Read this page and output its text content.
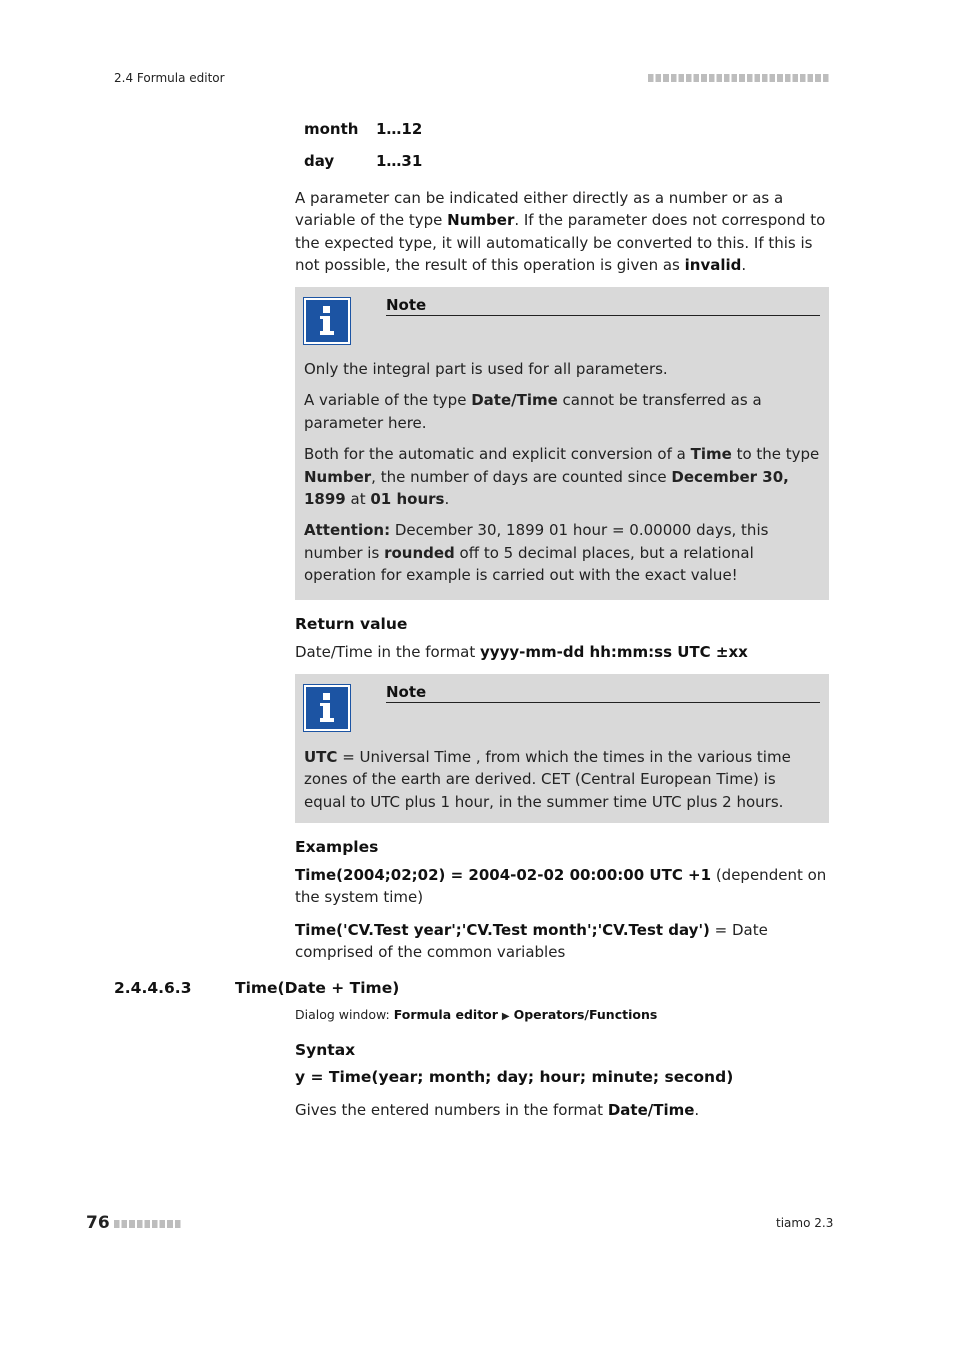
2.4 Formula editor
month 1…12
day	1…31

A parameter can be indicated either directly as a number or as a variable of the type Number. If the parameter does not correspond to the expected type, it will automatically be converted to this. If this is not possible, the result of this operation is given as invalid.

Note

Only the integral part is used for all parameters.

A variable of the type Date/Time cannot be transferred as a parameter here.

Both for the automatic and explicit conversion of a Time to the type Number, the number of days are counted since December 30, 1899 at 01 hours.

Attention: December 30, 1899 01 hour = 0.00000 days, this number is rounded off to 5 decimal places, but a relational operation for example is carried out with the exact value!

Return value

Date/Time in the format yyyy-mm-dd hh:mm:ss UTC ±xx

Note

UTC = Universal Time , from which the times in the various time zones of the earth are derived. CET (Central European Time) is equal to UTC plus 1 hour, in the summer time UTC plus 2 hours.

Examples

Time(2004;02;02) = 2004-02-02 00:00:00 UTC +1 (dependent on the system time)

Time('CV.Test year';'CV.Test month';'CV.Test day') = Date comprised of the common variables

2.4.4.6.3	Time(Date + Time)
Dialog window: Formula editor ▶ Operators/Functions
Syntax
y = Time(year; month; day; hour; minute; second)

Gives the entered numbers in the format Date/Time.

76	tiamo 2.3
